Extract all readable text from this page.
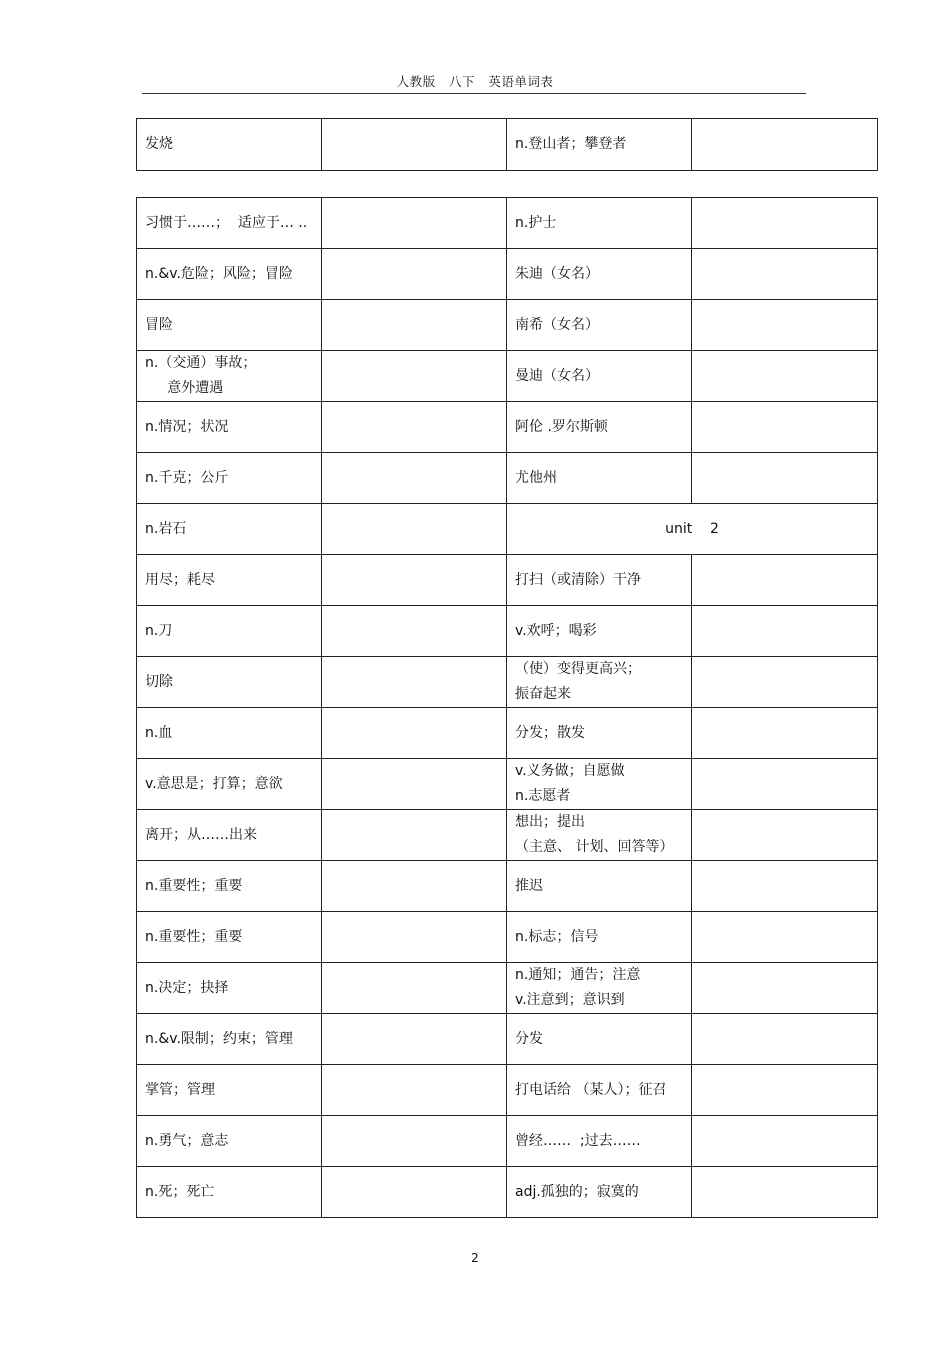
人教版   八下   英语单词表
发烧		n.登山者；攀登者	
习惯于……；  适应于… ..		n.护士	
n.&v.危险；风险；冒险		朱迪（女名）	
冒险		南希（女名）	
n.（交通）事故；
意外遭遇		曼迪（女名）	
n.情况；状况		阿伦 .罗尔斯顿	
n.千克；公斤		尤他州	
n.岩石		unit    2	
用尽；耗尽		打扫（或清除）干净	
n.刀		v.欢呼；喝彩	
切除		（使）变得更高兴；
振奋起来	
n.血		分发；散发	
v.意思是；打算；意欲		v.义务做；自愿做
n.志愿者	
离开；从……出来		想出；提出
（主意、 计划、回答等）	
n.重要性；重要		推迟	
n.重要性；重要		n.标志；信号	
n.决定；抉择		n.通知；通告；注意
v.注意到；意识到	
n.&v.限制；约束；管理		分发	
掌管；管理		打电话给 （某人）；征召	
n.勇气；意志		曾经……  ;过去……	
n.死；死亡		adj.孤独的；寂寞的	
2
